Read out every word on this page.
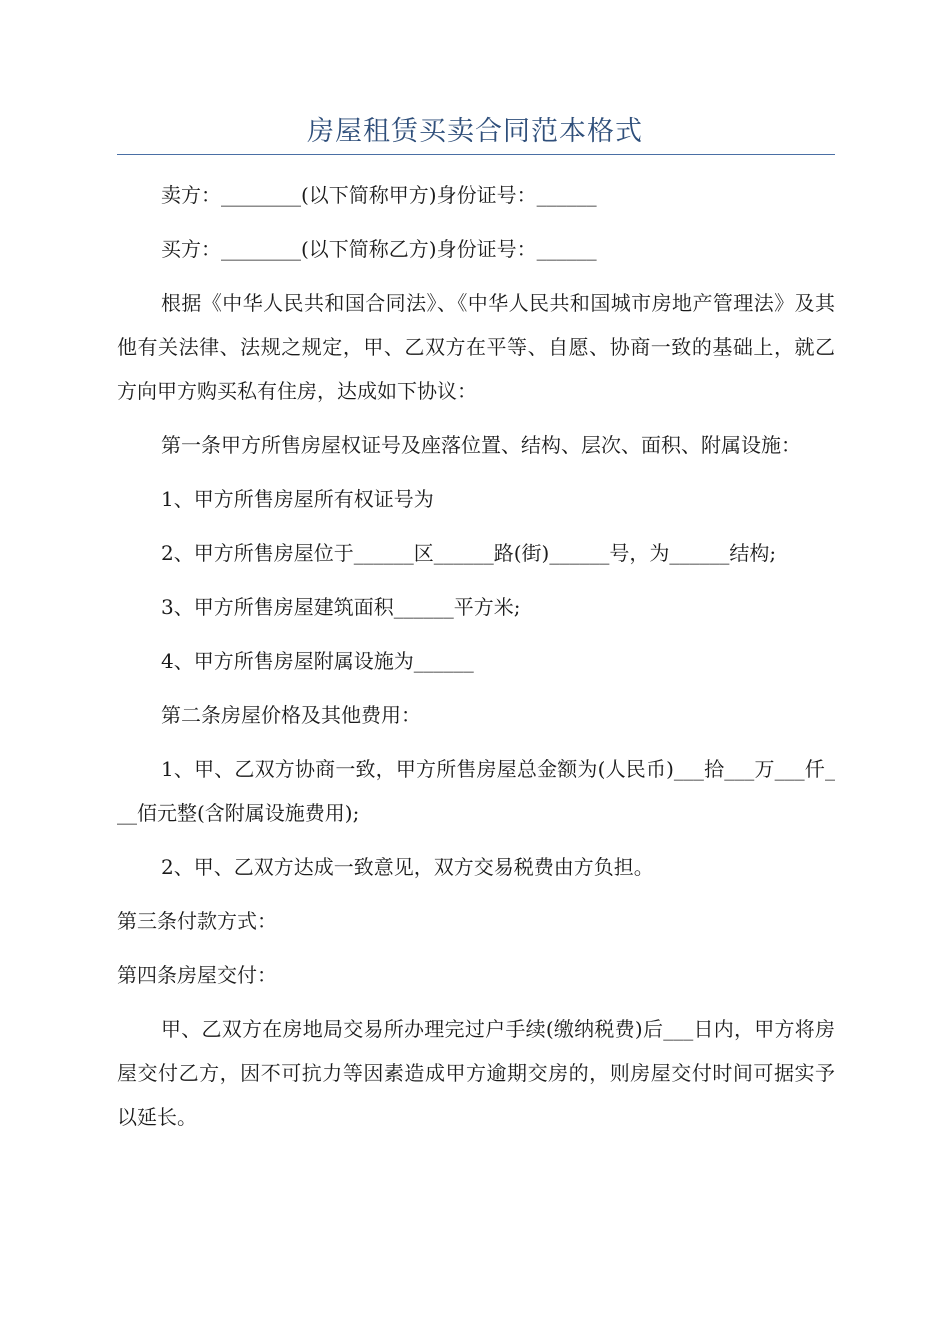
房屋租赁买卖合同范本格式

卖方：________(以下简称甲方)身份证号：______

买方：________(以下简称乙方)身份证号：______

根据《中华人民共和国合同法》、《中华人民共和国城市房地产管理法》及其他有关法律、法规之规定，甲、乙双方在平等、自愿、协商一致的基础上，就乙方向甲方购买私有住房，达成如下协议：

第一条甲方所售房屋权证号及座落位置、结构、层次、面积、附属设施：

1、甲方所售房屋所有权证号为

2、甲方所售房屋位于______区______路(街)______号，为______结构;

3、甲方所售房屋建筑面积______平方米;

4、甲方所售房屋附属设施为______

第二条房屋价格及其他费用：

1、甲、乙双方协商一致，甲方所售房屋总金额为(人民币)___拾___万___仟___佰元整(含附属设施费用);

2、甲、乙双方达成一致意见，双方交易税费由方负担。

第三条付款方式：

第四条房屋交付：

甲、乙双方在房地局交易所办理完过户手续(缴纳税费)后___日内，甲方将房屋交付乙方，因不可抗力等因素造成甲方逾期交房的，则房屋交付时间可据实予以延长。
